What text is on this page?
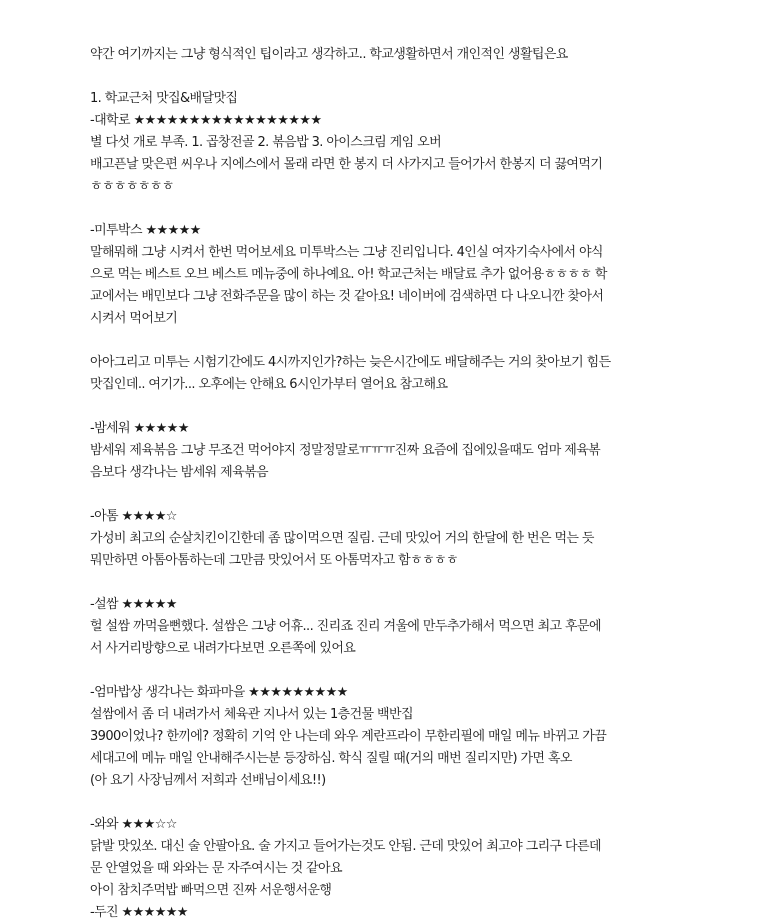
약간 여기까지는 그냥 형식적인 팁이라고 생각하고.. 학교생활하면서 개인적인 생활팁은요

1. 학교근처 맛집&배달맛집

-대학로 ★★★★★★★★★★★★★★★★★

별 다섯 개로 부족. 1. 곱창전골 2. 볶음밥 3. 아이스크림 게임 오버

배고픈날 맞은편 씨우나 지에스에서 몰래 라면 한 봉지 더 사가지고 들어가서 한봉지 더 끓여먹기

ㅎㅎㅎㅎㅎㅎㅎ

-미투박스 ★★★★★

말해뭐해 그냥 시켜서 한번 먹어보세요 미투박스는 그냥 진리입니다. 4인실 여자기숙사에서 야식

으로 먹는 베스트 오브 베스트 메뉴중에 하나예요. 아! 학교근처는 배달료 추가 없어용ㅎㅎㅎㅎ 학

교에서는 배민보다 그냥 전화주문을 많이 하는 것 같아요! 네이버에 검색하면 다 나오니깐 찾아서

시켜서 먹어보기

아아그리고 미투는 시험기간에도 4시까지인가?하는 늦은시간에도 배달해주는 거의 찾아보기 힘든

맛집인데.. 여기가... 오후에는 안해요 6시인가부터 열어요 참고해요

-밤세워 ★★★★★

밤세워 제육볶음 그냥 무조건 먹어야지 정말정말로ㅠㅠㅠ진짜 요즘에 집에있을때도 엄마 제육볶

음보다 생각나는 밤세워 제육볶음

-아톰 ★★★★☆

가성비 최고의 순살치킨이긴한데 좀 많이먹으면 질림. 근데 맛있어 거의 한달에 한 번은 먹는 듯

뭐만하면 아톰아톰하는데 그만큼 맛있어서 또 아톰먹자고 함ㅎㅎㅎㅎ

-설쌈 ★★★★★

헐 설쌈 까먹을뻔했다. 설쌈은 그냥 어휴... 진리죠 진리 겨울에 만두추가해서 먹으면 최고 후문에

서 사거리방향으로 내려가다보면 오른쪽에 있어요

-엄마밥상 생각나는 화파마을 ★★★★★★★★★

설쌈에서 좀 더 내려가서 체육관 지나서 있는 1층건물 백반집

3900이었나? 한끼에? 정확히 기억 안 나는데 와우 계란프라이 무한리필에 매일 메뉴 바뀌고 가끔

세대고에 메뉴 매일 안내해주시는분 등장하심. 학식 질릴 때(거의 매번 질리지만) 가면 혹오

(아 요기 사장님께서 저희과 선배님이세요!!)

-와와 ★★★☆☆

닭발 맛있쏘. 대신 술 안팔아요. 술 가지고 들어가는것도 안됨. 근데 맛있어 최고야 그리구 다른데

문 안열었을 때 와와는 문 자주여시는 것 같아요

아이 참치주먹밥 빠먹으면 진짜 서운행서운행

-두진 ★★★★★★
